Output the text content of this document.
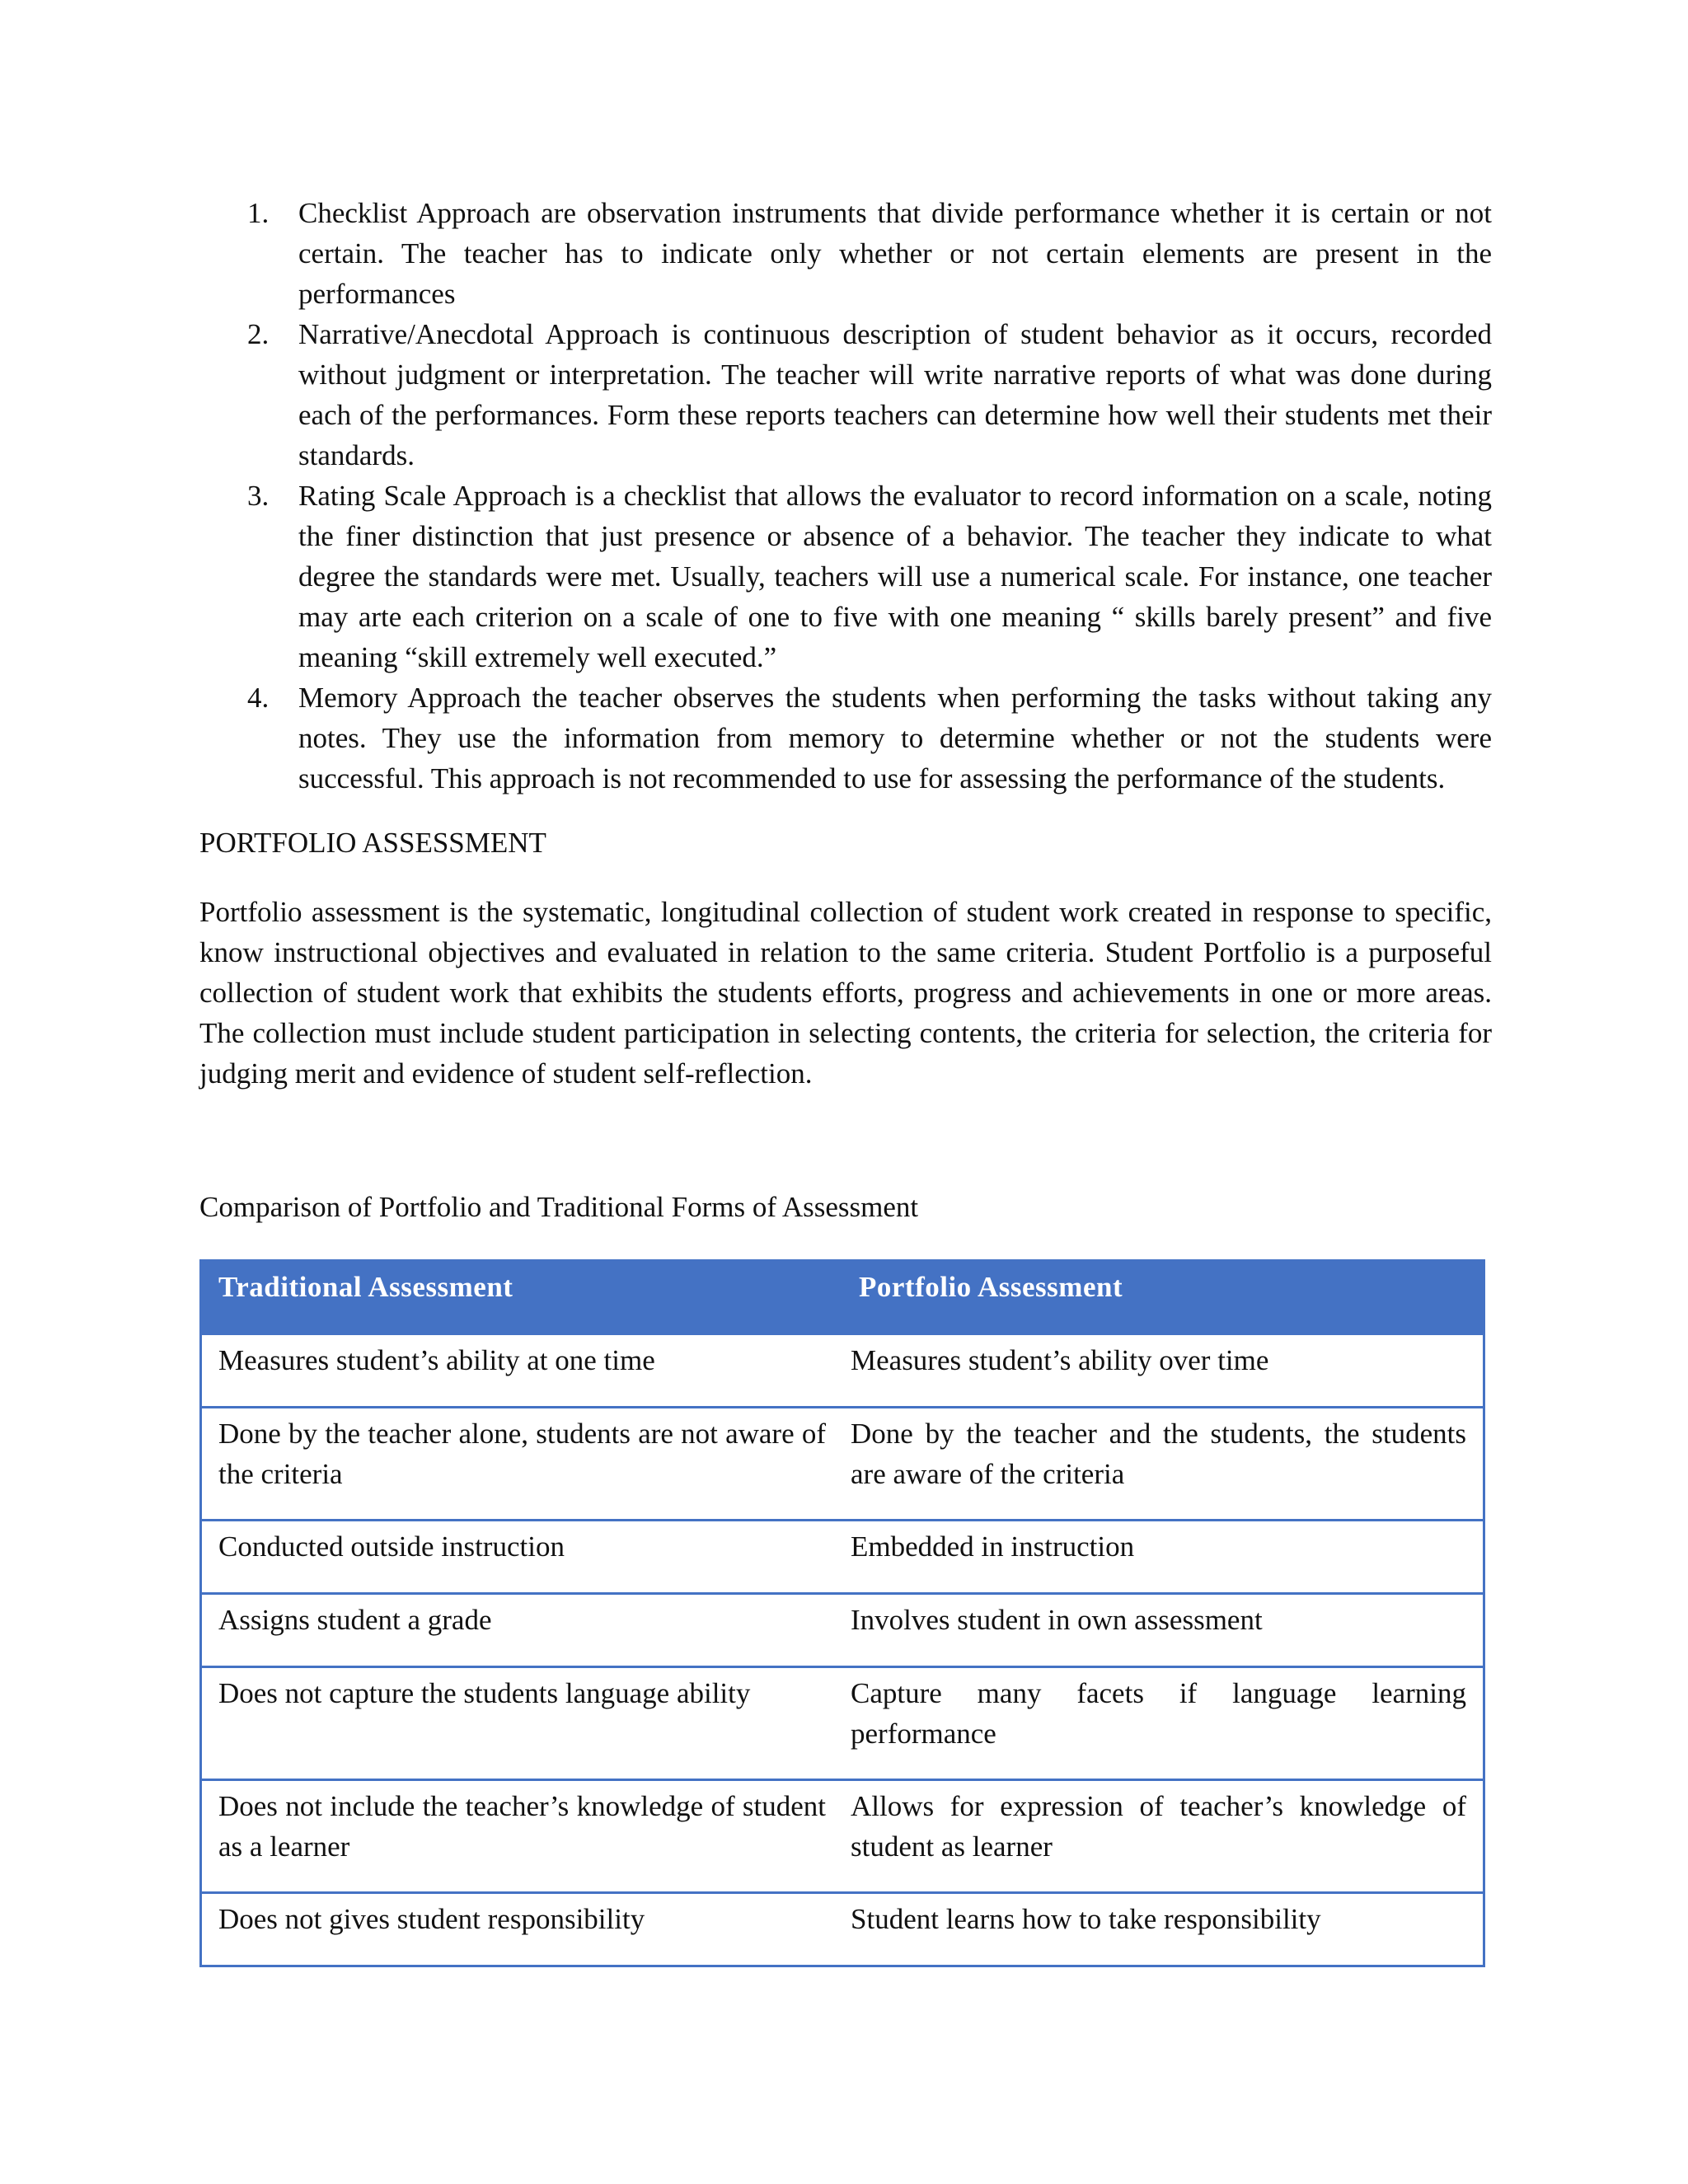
1. Checklist Approach are observation instruments that divide performance whether it is certain or not certain. The teacher has to indicate only whether or not certain elements are present in the performances
2. Narrative/Anecdotal Approach is continuous description of student behavior as it occurs, recorded without judgment or interpretation. The teacher will write narrative reports of what was done during each of the performances. Form these reports teachers can determine how well their students met their standards.
3. Rating Scale Approach is a checklist that allows the evaluator to record information on a scale, noting the finer distinction that just presence or absence of a behavior. The teacher they indicate to what degree the standards were met. Usually, teachers will use a numerical scale. For instance, one teacher may arte each criterion on a scale of one to five with one meaning “ skills barely present” and five meaning “skill extremely well executed.”
4. Memory Approach the teacher observes the students when performing the tasks without taking any notes. They use the information from memory to determine whether or not the students were successful. This approach is not recommended to use for assessing the performance of the students.
PORTFOLIO ASSESSMENT

Portfolio assessment is the systematic, longitudinal collection of student work created in response to specific, know instructional objectives and evaluated in relation to the same criteria. Student Portfolio is a purposeful collection of student work that exhibits the students efforts, progress and achievements in one or more areas. The collection must include student participation in selecting contents, the criteria for selection, the criteria for judging merit and evidence of student self-reflection.

Comparison of Portfolio and Traditional Forms of Assessment

Traditional Assessment	Portfolio Assessment
Measures student’s ability at one time	Measures student’s ability over time
Done by the teacher alone, students are not aware of the criteria	Done by the teacher and the students, the students are aware of the criteria
Conducted outside instruction	Embedded in instruction
Assigns student a grade	Involves student in own assessment
Does not capture the students language ability	Capture many facets if language learning performance
Does not include the teacher’s knowledge of student as a learner	Allows for expression of teacher’s knowledge of student as learner
Does not gives student responsibility	Student learns how to take responsibility
